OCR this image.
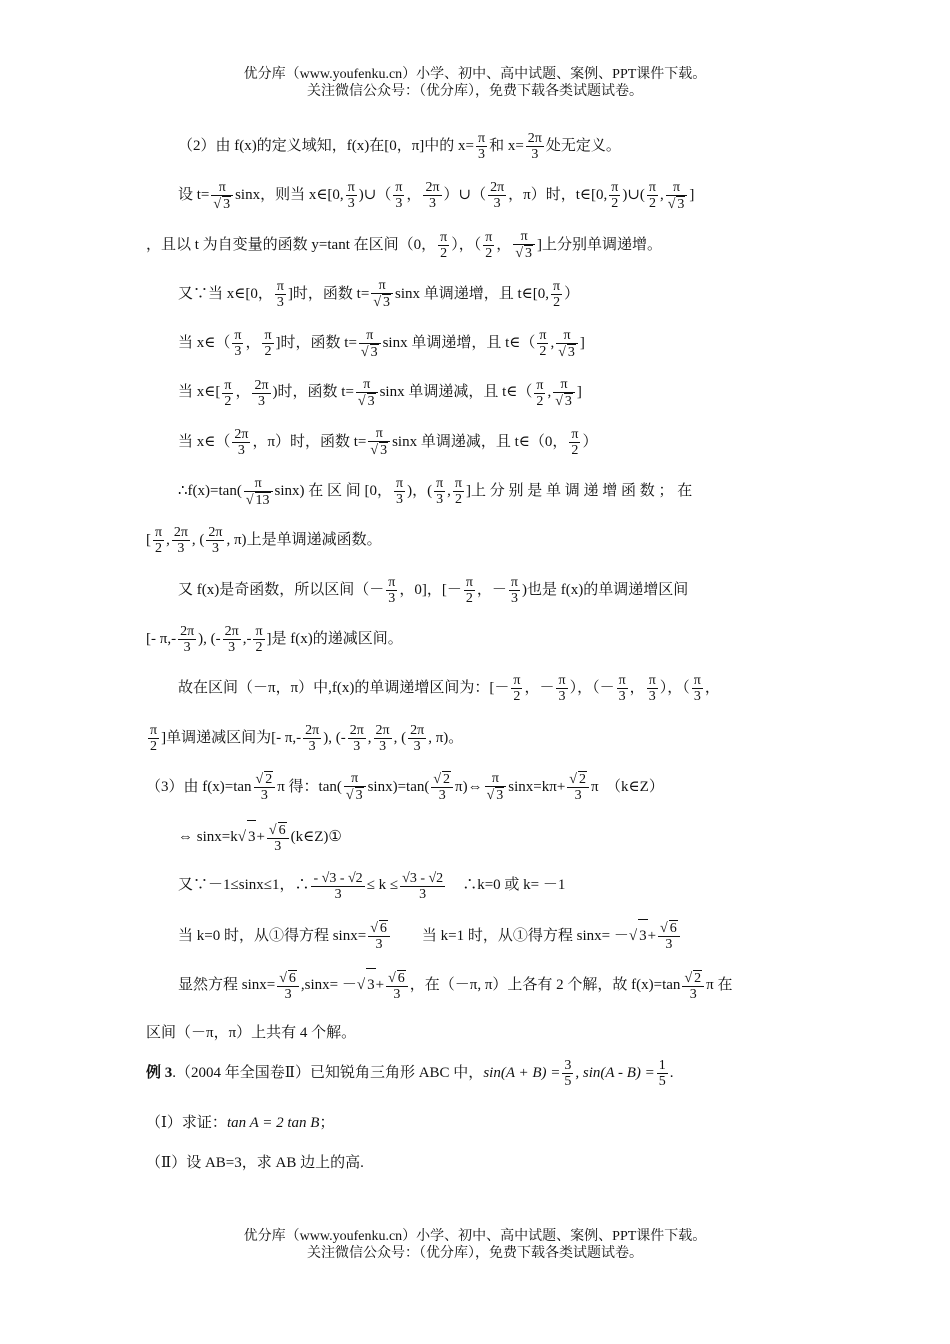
优分库（www.youfenku.cn）小学、初中、高中试题、案例、PPT课件下载。
关注微信公众号：（优分库），免费下载各类试题试卷。
（2）由 f(x)的定义域知，f(x)在[0，π]中的 $x= \frac{\pi}{3}$ 和 $x= \frac{2\pi}{3}$ 处无定义。
设 $t= \frac{\pi}{√ 3}$ sinx，则当 x∈[0, $\frac{\pi}{3}$ )∪（ $\frac{\pi}{3}$ ， $\frac{2\pi}{3}$ ）∪（ $\frac{2\pi}{3}$ ，π）时，t∈[0, $\frac{\pi}{2}$ )∪( $\frac{\pi}{2}$ , $\frac{\pi}{√ 3}$ ]
，且以 t 为自变量的函数 y=tant 在区间（0， $\frac{\pi}{2}$ ），（ $\frac{\pi}{2}$ ， $\frac{\pi}{√ 3}$ ]上分别单调递增。
又∵当 x∈[0， $\frac{\pi}{3}$ ]时，函数 $t= \frac{\pi}{√ 3}$ sinx 单调递增，且 t∈[0, $\frac{\pi}{2}$ ）
当 x∈（ $\frac{\pi}{3}$ ， $\frac{\pi}{2}$ ]时，函数 $t= \frac{\pi}{√ 3}$ sinx 单调递增，且 t∈（ $\frac{\pi}{2}$ , $\frac{\pi}{√ 3}$ ]
当 x∈[ $\frac{\pi}{2}$ ， $\frac{2\pi}{3}$ )时，函数 $t= \frac{\pi}{√ 3}$ sinx 单调递减，且 t∈（ $\frac{\pi}{2}$ , $\frac{\pi}{√ 3}$ ]
当 x∈（ $\frac{2\pi}{3}$ ，π）时，函数 $t= \frac{\pi}{√ 3}$ sinx 单调递减，且 t∈（0， $\frac{\pi}{2}$ ）
∴f(x)=tan( $\frac{\pi}{√ 13} \sin x$) 在 区 间 [0， $\frac{\pi}{3}$ )，( $\frac{\pi}{3}$ , $\frac{\pi}{2}$ ]上 分 别 是 单 调 递 增 函 数 ； 在
[ $\frac{\pi}{2}$ , $\frac{2\pi}{3}$ , ( $\frac{2\pi}{3}$ , π)上是单调递减函数。
又 f(x)是奇函数，所以区间（－ $\frac{\pi}{3}$ ，0]，[－ $\frac{\pi}{2}$ ，－ $\frac{\pi}{3}$ )也是 f(x)的单调递增区间
[- $\pi,- \frac{2\pi}{3}$ ), (- $\frac{2\pi}{3}$ ,- $\frac{\pi}{2}$ ]是 f(x)的递减区间。
故在区间（－π，π）中,f(x)的单调递增区间为：[－ $\frac{\pi}{2}$ ，－ $\frac{\pi}{3}$ ），（－ $\frac{\pi}{3}$ ， $\frac{\pi}{3}$ ），（ $\frac{\pi}{3}$ ，
$\frac{\pi}{2}$ ]单调递减区间为[- $\pi,- \frac{2\pi}{3}$ ), (- $\frac{2\pi}{3}$ , $\frac{2\pi}{3}$ , ( $\frac{2\pi}{3}$ , π)。
（3）由 $f(x)=\tan \frac{√ 2}{3}$ π 得：$\tan( \frac{\pi}{√ 3} \sin x)=\tan( \frac{√ 2}{3}$ π)⇔ $\frac{\pi}{√ 3} \sin x=k\pi+ \frac{√ 2}{3}$ π　（k∈Z）
⇔ sinx=k√ $3+ \frac{√ 6}{3}$ (k∈Z)①
又∵－1≤sinx≤1，∴ $\frac{- √3 - √2}{3} \le k \le \frac{√3 - √2}{3}$
　 ∴k=0 或 k= －1
当 k=0 时，从①得方程 $\sin x= \frac{√ 6}{3}$
　　 当 k=1 时，从①得方程 sinx= －√ $3+ \frac{√ 6}{3}$
显然方程 $\sin x= \frac{√ 6}{3} ,\sin x=$ －√ $3+ \frac{√ 6}{3}$ ，在（－π, π）上各有 2 个解，故 $f(x)=\tan \frac{√ 2}{3}$ π 在
区间（－π，π）上共有 4 个解。
例 3.（2004 年全国卷Ⅱ）已知锐角三角形 ABC 中，$\sin(A + B) = \frac{3}{5}$ , $\sin(A - B) = \frac{1}{5}$ .
（Ⅰ）求证：tan A = 2 tan B；
（Ⅱ）设 AB=3，求 AB 边上的高.
优分库（www.youfenku.cn）小学、初中、高中试题、案例、PPT课件下载。
关注微信公众号：（优分库），免费下载各类试题试卷。
